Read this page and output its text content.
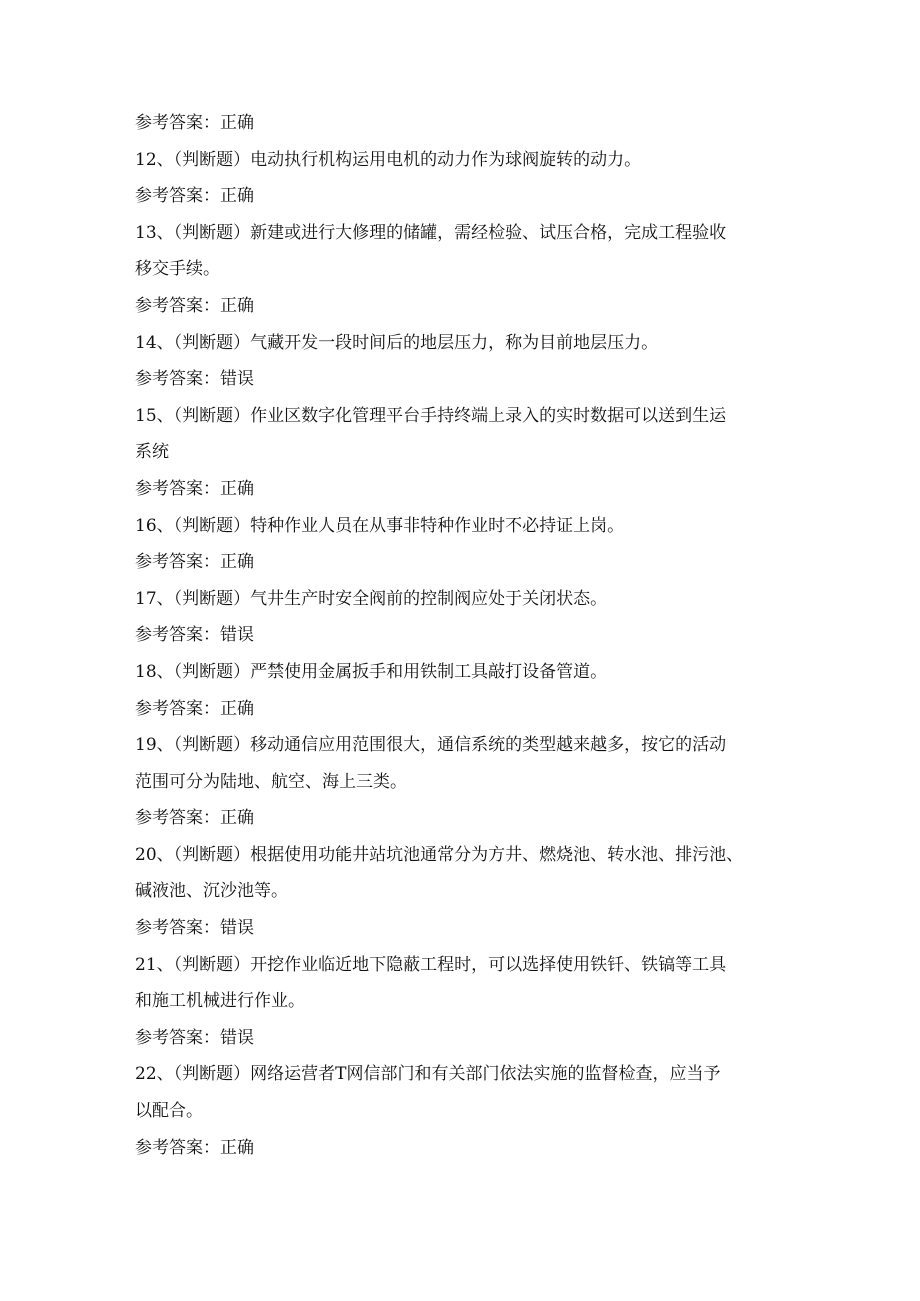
参考答案：正确
12、（判断题）电动执行机构运用电机的动力作为球阀旋转的动力。
参考答案：正确
13、（判断题）新建或进行大修理的储罐，需经检验、试压合格，完成工程验收
移交手续。
参考答案：正确
14、（判断题）气藏开发一段时间后的地层压力，称为目前地层压力。
参考答案：错误
15、（判断题）作业区数字化管理平台手持终端上录入的实时数据可以送到生运
系统
参考答案：正确
16、（判断题）特种作业人员在从事非特种作业时不必持证上岗。
参考答案：正确
17、（判断题）气井生产时安全阀前的控制阀应处于关闭状态。
参考答案：错误
18、（判断题）严禁使用金属扳手和用铁制工具敲打设备管道。
参考答案：正确
19、（判断题）移动通信应用范围很大，通信系统的类型越来越多，按它的活动
范围可分为陆地、航空、海上三类。
参考答案：正确
20、（判断题）根据使用功能井站坑池通常分为方井、燃烧池、转水池、排污池、
碱液池、沉沙池等。
参考答案：错误
21、（判断题）开挖作业临近地下隐蔽工程时，可以选择使用铁钎、铁镐等工具
和施工机械进行作业。
参考答案：错误
22、（判断题）网络运营者T网信部门和有关部门依法实施的监督检查，应当予
以配合。
参考答案：正确
